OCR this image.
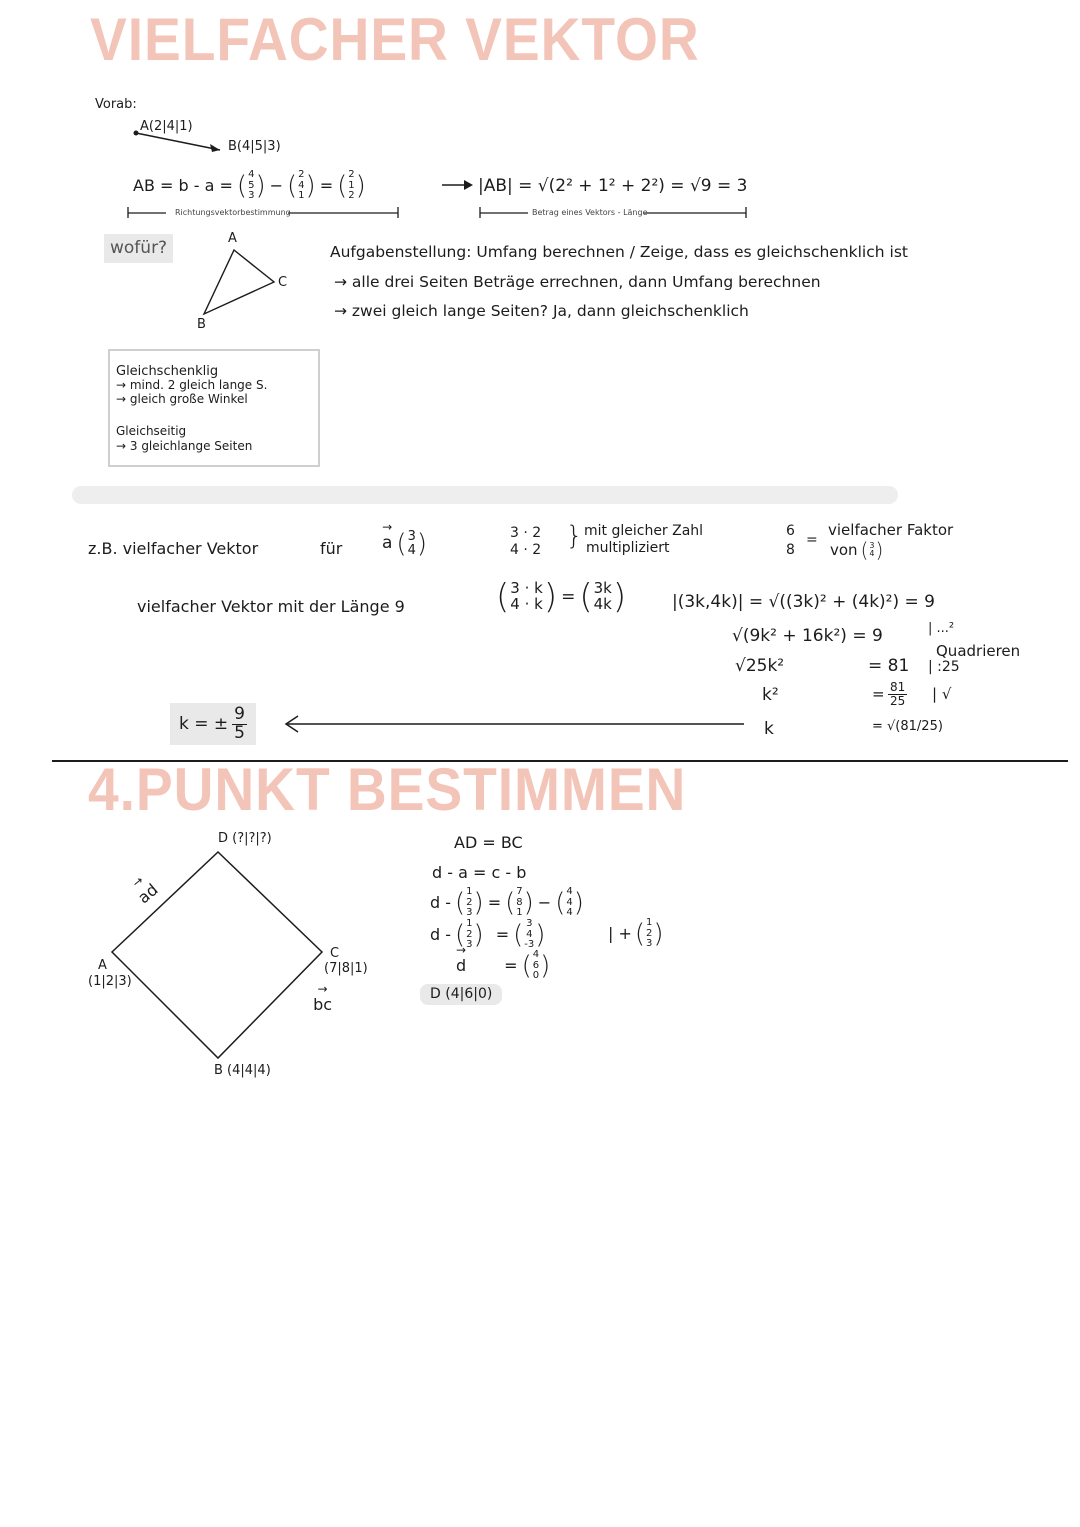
VIELFACHER VEKTOR
Vorab:
A(2|4|1)
B(4|5|3)
AB = b - a = ( 4
5
3 ) − ( 2
4
1 ) = ( 2
1
2 )
Richtungsvektorbestimmung
|AB| = √(2² + 1² + 2²) = √9 = 3
Betrag eines Vektors - Länge
wofür?	A
C
B
Aufgabenstellung: Umfang berechnen / Zeige, dass es gleichschenklich ist
→ alle drei Seiten Beträge errechnen, dann Umfang berechnen
→ zwei gleich lange Seiten? Ja, dann gleichschenklich
Gleichschenklig
→ mind. 2 gleich lange S.
→ gleich große Winkel
Gleichseitig
→ 3 gleichlange Seiten
z.B. vielfacher Vektor	für
→ a ( 3
4 )	3 · 2
4 · 2 } mit gleicher Zahl
multipliziert
6
8
=
vielfacher Faktor
von ( 3
4 )
vielfacher Vektor mit der Länge 9	( 3 · k
4 · k ) = ( 3k
4k )	|(3k,4k)| = √((3k)² + (4k)²) = 9
√(9k² + 16k²) = 9	| ...²
Quadrieren
√25k²	= 81 | :25
k²	= $\frac{81}{25}$ | √
k	= √(81/25)
k = ± $\frac{9}{5}$
4.PUNKT BESTIMMEN
D (?|?|?)
A
(1|2|3)
C
(7|8|1)
B (4|4|4)
→ ad → bc
AD = BC
d - a = c - b
d - ( 1
2
3 ) = ( 7
8
1 ) − ( 4
4
4 )
d - ( 1
2
3 ) = ( 3
4
-3 )	| + ( 1
2
3 )
→ d = ( 4
6
0 )
D (4|6|0)
